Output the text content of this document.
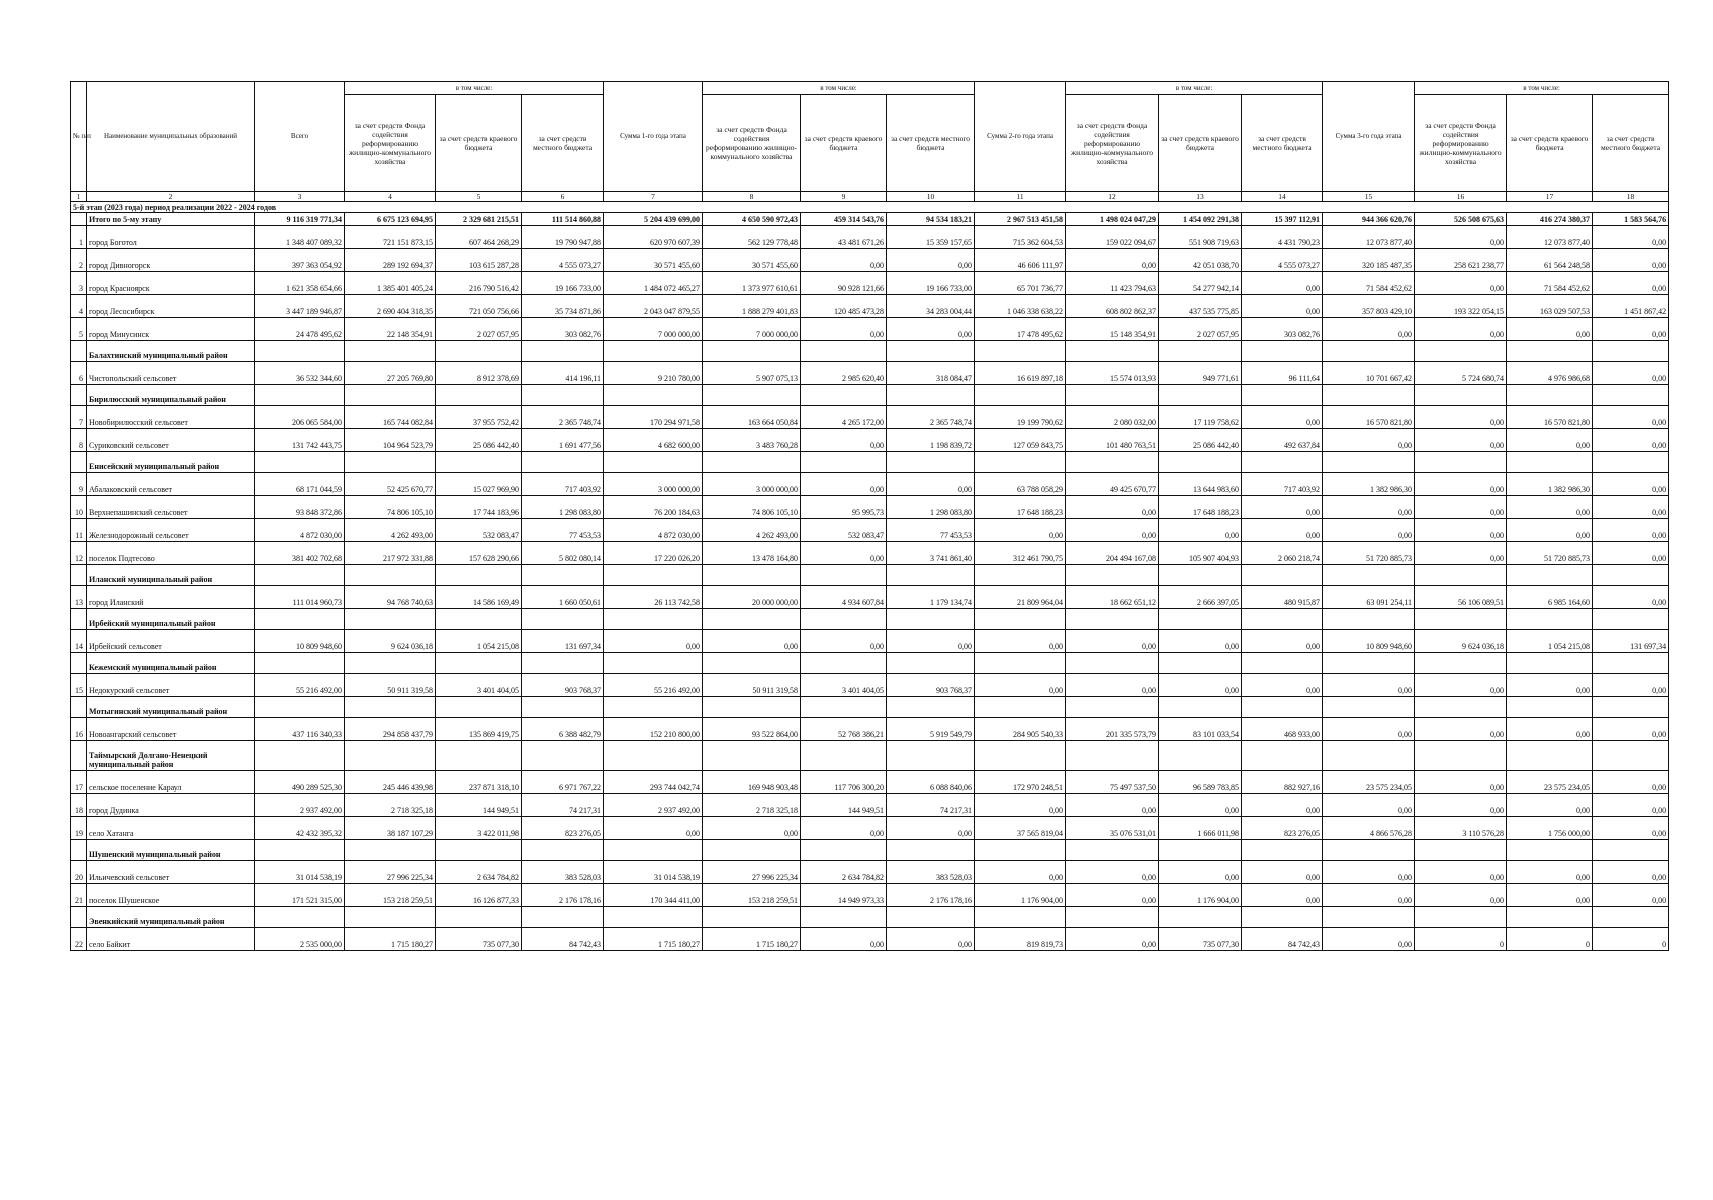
№ п/п	Наименование муниципальных образований	Всего	в том числе:			Сумма 1-го года этапа	в том числе:			Сумма 2-го года этапа	в том числе:			Сумма 3-го года этапа	в том числе:		
			за счет средств Фонда содействия реформированию жилищно-коммунального хозяйства	за счет средств краевого бюджета	за счет средств местного бюджета		за счет средств Фонда содействия реформированию жилищно-коммунального хозяйства	за счет средств краевого бюджета	за счет средств местного бюджета		за счет средств Фонда содействия реформированию жилищно-коммунального хозяйства	за счет средств краевого бюджета	за счет средств местного бюджета		за счет средств Фонда содействия реформированию жилищно-коммунального хозяйства	за счет средств краевого бюджета	за счет средств местного бюджета
1	2	3	4	5	6	7	8	9	10	11	12	13	14	15	16	17	18
5-й этап (2023 года) период реализации 2022 - 2024 годов																	
	Итого по 5-му этапу	9 116 319 771,34	6 675 123 694,95	2 329 681 215,51	111 514 860,88	5 204 439 699,00	4 650 590 972,43	459 314 543,76	94 534 183,21	2 967 513 451,58	1 498 024 047,29	1 454 092 291,38	15 397 112,91	944 366 620,76	526 508 675,63	416 274 380,37	1 583 564,76
1	город Боготол	1 348 407 089,32	721 151 873,15	607 464 268,29	19 790 947,88	620 970 607,39	562 129 778,48	43 481 671,26	15 359 157,65	715 362 604,53	159 022 094,67	551 908 719,63	4 431 790,23	12 073 877,40	0,00	12 073 877,40	0,00
2	город Дивногорск	397 363 054,92	289 192 694,37	103 615 287,28	4 555 073,27	30 571 455,60	30 571 455,60	0,00	0,00	46 606 111,97	0,00	42 051 038,70	4 555 073,27	320 185 487,35	258 621 238,77	61 564 248,58	0,00
3	город Красноярск	1 621 358 654,66	1 385 401 405,24	216 790 516,42	19 166 733,00	1 484 072 465,27	1 373 977 610,61	90 928 121,66	19 166 733,00	65 701 736,77	11 423 794,63	54 277 942,14	0,00	71 584 452,62	0,00	71 584 452,62	0,00
4	город Лесосибирск	3 447 189 946,87	2 690 404 318,35	721 050 756,66	35 734 871,86	2 043 047 879,55	1 888 279 401,83	120 485 473,28	34 283 004,44	1 046 338 638,22	608 802 862,37	437 535 775,85	0,00	357 803 429,10	193 322 054,15	163 029 507,53	1 451 867,42
5	город Минусинск	24 478 495,62	22 148 354,91	2 027 057,95	303 082,76	7 000 000,00	7 000 000,00	0,00	0,00	17 478 495,62	15 148 354,91	2 027 057,95	303 082,76	0,00	0,00	0,00	0,00
	Балахтинский муниципальный район																
6	Чистопольский сельсовет	36 532 344,60	27 205 769,80	8 912 378,69	414 196,11	9 210 780,00	5 907 075,13	2 985 620,40	318 084,47	16 619 897,18	15 574 013,93	949 771,61	96 111,64	10 701 667,42	5 724 680,74	4 976 986,68	0,00
	Бирилюсский муниципальный район																
7	Новобирилюсский сельсовет	206 065 584,00	165 744 082,84	37 955 752,42	2 365 748,74	170 294 971,58	163 664 050,84	4 265 172,00	2 365 748,74	19 199 790,62	2 080 032,00	17 119 758,62	0,00	16 570 821,80	0,00	16 570 821,80	0,00
8	Суриковский сельсовет	131 742 443,75	104 964 523,79	25 086 442,40	1 691 477,56	4 682 600,00	3 483 760,28	0,00	1 198 839,72	127 059 843,75	101 480 763,51	25 086 442,40	492 637,84	0,00	0,00	0,00	0,00
	Енисейский муниципальный район																
9	Абалаковский сельсовет	68 171 044,59	52 425 670,77	15 027 969,90	717 403,92	3 000 000,00	3 000 000,00	0,00	0,00	63 788 058,29	49 425 670,77	13 644 983,60	717 403,92	1 382 986,30	0,00	1 382 986,30	0,00
10	Верхнепашинский сельсовет	93 848 372,86	74 806 105,10	17 744 183,96	1 298 083,80	76 200 184,63	74 806 105,10	95 995,73	1 298 083,80	17 648 188,23	0,00	17 648 188,23	0,00	0,00	0,00	0,00	0,00
11	Железнодорожный сельсовет	4 872 030,00	4 262 493,00	532 083,47	77 453,53	4 872 030,00	4 262 493,00	532 083,47	77 453,53	0,00	0,00	0,00	0,00	0,00	0,00	0,00	0,00
12	поселок Подтесово	381 402 702,68	217 972 331,88	157 628 290,66	5 802 080,14	17 220 026,20	13 478 164,80	0,00	3 741 861,40	312 461 790,75	204 494 167,08	105 907 404,93	2 060 218,74	51 720 885,73	0,00	51 720 885,73	0,00
	Иланский муниципальный район																
13	город Иланский	111 014 960,73	94 768 740,63	14 586 169,49	1 660 050,61	26 113 742,58	20 000 000,00	4 934 607,84	1 179 134,74	21 809 964,04	18 662 651,12	2 666 397,05	480 915,87	63 091 254,11	56 106 089,51	6 985 164,60	0,00
	Ирбейский муниципальный район																
14	Ирбейский сельсовет	10 809 948,60	9 624 036,18	1 054 215,08	131 697,34	0,00	0,00	0,00	0,00	0,00	0,00	0,00	0,00	10 809 948,60	9 624 036,18	1 054 215,08	131 697,34
	Кежемский муниципальный район																
15	Недокурский сельсовет	55 216 492,00	50 911 319,58	3 401 404,05	903 768,37	55 216 492,00	50 911 319,58	3 401 404,05	903 768,37	0,00	0,00	0,00	0,00	0,00	0,00	0,00	0,00
	Мотыгинский муниципальный район																
16	Новоангарский сельсовет	437 116 340,33	294 858 437,79	135 869 419,75	6 388 482,79	152 210 800,00	93 522 864,00	52 768 386,21	5 919 549,79	284 905 540,33	201 335 573,79	83 101 033,54	468 933,00	0,00	0,00	0,00	0,00
	Таймырский Долгано-Ненецкий муниципальный район																
17	сельское поселение Караул	490 289 525,30	245 446 439,98	237 871 318,10	6 971 767,22	293 744 042,74	169 948 903,48	117 706 300,20	6 088 840,06	172 970 248,51	75 497 537,50	96 589 783,85	882 927,16	23 575 234,05	0,00	23 575 234,05	0,00
18	город Дудинка	2 937 492,00	2 718 325,18	144 949,51	74 217,31	2 937 492,00	2 718 325,18	144 949,51	74 217,31	0,00	0,00	0,00	0,00	0,00	0,00	0,00	0,00
19	село Хатанга	42 432 395,32	38 187 107,29	3 422 011,98	823 276,05	0,00	0,00	0,00	0,00	37 565 819,04	35 076 531,01	1 666 011,98	823 276,05	4 866 576,28	3 110 576,28	1 756 000,00	0,00
	Шушенский муниципальный район																
20	Ильичевский сельсовет	31 014 538,19	27 996 225,34	2 634 784,82	383 528,03	31 014 538,19	27 996 225,34	2 634 784,82	383 528,03	0,00	0,00	0,00	0,00	0,00	0,00	0,00	0,00
21	поселок Шушенское	171 521 315,00	153 218 259,51	16 126 877,33	2 176 178,16	170 344 411,00	153 218 259,51	14 949 973,33	2 176 178,16	1 176 904,00	0,00	1 176 904,00	0,00	0,00	0,00	0,00	0,00
	Эвенкийский муниципальный район																
22	село Байкит	2 535 000,00	1 715 180,27	735 077,30	84 742,43	1 715 180,27	1 715 180,27	0,00	0,00	819 819,73	0,00	735 077,30	84 742,43	0,00	0	0	0
